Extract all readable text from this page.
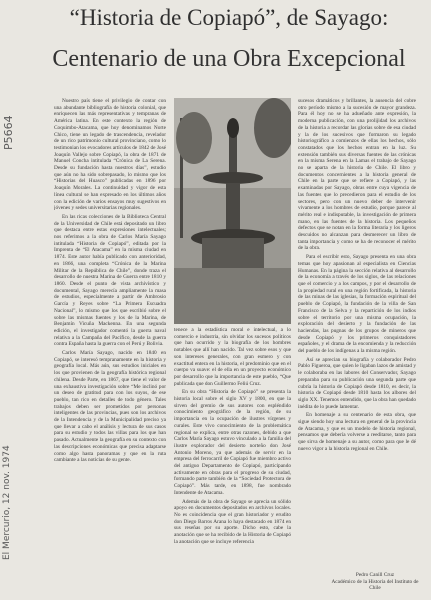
“Historia de Copiapó”, de Sayago:
Centenario de una Obra Excepcional

Nuestro país tiene el privilegio de contar con una abundante bibliografía de historia colonial, que enriquecen las más representativas y tempranas de América latina. En este contexto la región de Coquimbo-Atacama, que hoy denominamos Norte Chico, tiene un legado de trascendencia, revelador de un rico patrimonio cultural provinciano, como lo testimonian los evocadores artículos de 1842 de José Joaquín Vallejo sobre Copiapó, la obra de 1871 de Manuel Concha intitulada “Crónica de La Serena. Desde su fundación hasta nuestros días”, estudio que aún no ha sido sobrepasado, lo mismo que los “Historias del Huasco” publicadas en 1896 por Joaquín Morales. La continuidad y vigor de esta línea cultural se han expresado en los últimos años con la edición de varios ensayos muy sugestivos en jóvenes y sedes universitarias regionales.

En las ricas colecciones de la Biblioteca Central de la Universidad de Chile está depositado un libro que destaca entre estas expresiones intelectuales; nos referimos a la obra de Carlos María Sayago intitulada “Historia de Copiapó”, editada por la Imprenta de “El Atacama” en la misma ciudad en 1874. Este autor había publicado con anterioridad, en 1866, una completa “Crónica de la Marina Militar de la República de Chile”, donde traza el desarrollo de nuestra Marina de Guerra entre 1810 y 1860. Desde el punto de vista archivístico y documental, Sayago merecía ampliamente la masa de estudios, especialmente a partir de Ambrosio García y Reyes sobre “La Primera Escuadra Nacional”, lo mismo que los que escribió sobre el sobre las mismas fuentes y los de la Marina, de Benjamín Vicuña Mackenna. En una segunda edición, el investigador comentó la guerra naval relativa a la Campaña del Pacífico, desde la guerra contra España hasta la guerra con el Perú y Bolivia.

Carlos María Sayago, nacido en 1840 en Copiapó, se interesó tempranamente en la historia y geografía local. Más aún, sus estudios iniciales en los que provienen de la geografía histórica regional chilena. Desde Parte, en 1867, que tiene el valor de una exhaustiva investigación sobre “Me inclinó por un deseo de gratitud para con los suyos, de ese pueblo, tan rico en detalles de todo género. Tales trabajos deben ser prometidos por personas inteligentes de las provincias, pues son los archivos de la Intendencia y de la Municipalidad preciso ya que llevar a cabo el análisis y lectura de sus casos para su estudio y todos las villas para los que han pasado. Actualmente la geografía en su contexto con las descripciones económicas que precisa adaptarse como algo hasta panoramas y que en la ruta cambiante a las noticias de su gente.

tenece a la estadística moral e intelectual, a lo comercio e industria, sin olvidar los sucesos políticos que han ocurrido y la biografía de los hombres notables que allí han nacido. Tal vez sobre esos y que son intereses generales, con gran esmero y con exactitud entera en la historia, el predominio que en el cuerpo va suave: el de ella en un proyecto económico por desarrollo que la importancia de este pueblo, “Que publicada que don Guillermo Feliú Cruz.

En su obra “Historia de Copiapó” se presenta la historia local sobre el siglo XV y 1800, en que la sirven del gremio de sus autores con espléndido conocimiento geográfico de la región, de su importancia en la ocupación de ilustres vírgenes y curales. Este vivo conocimiento de la problemática regional se explica, entre otras razones, debido a que Carlos María Sayago estuvo vinculado a la familia del ilustre explorador del desierto norteño don José Antonio Moreno, ya que además de servir en la empresa del ferrocarril de Copiapó fue miembro activo del antiguo Departamento de Copiapó, participando activamente en obras para el progreso de su ciudad, formando parte también de la “Sociedad Protectora de Copiapó”. Más tarde, en 1898, fue nombrado Intendente de Atacama.

Además de la obra de Sayago se aprecia un sólido apoyo en documentos depositados en archivos locales. No es coincidencia que el gran historiador y erudito don Diego Barros Arana lo haya destacado en 1874 en sus reseñas por su aporte. Dicho esto, cabe la anotación que se ha recibido de la Historia de Copiapó la anotación que se incluye referencia

sucesos dramáticos y brillantes, la ausencia del cobre otro período mismo a la sucesión de mayor grandeza. Para él hoy no se ha adueñado ante expresión, la moderna publicación, con una prolijidad los archivos de la historia a recordar las glorias sobre de esa ciudad y la de los sucesivos que formaron su legado historiográfico a comienzos de ellas los hechos, sólo constatados que los hechos entran en la luz. Su extensión también sus diversas fuentes de las crónicas en la misma Serena en la Lamas el trabajo de Sayago no se aparta de la historia de Chile. El libro y documentos concernientes a la historia general de Chile en la parte que se refiere a Copiapó, y las examinadas por Sayago, obras entre cuya vigencia de las fuentes que lo precedieron para el estudio de los sectores, pero con un nuevo deber de intervenir vivamente a los hombres de estudio, porque parece al mérito real e indisputable, la investigación de primera mano, en las fuentes de la historia. Los pequeños defectos que se notan en la forma literaria y los ligeros descuidos no alcanzan para desmerecer un libro de tanta importancia y como se ha de reconocer el mérito de la obra.

Para el escribir esto, Sayago presenta en una obra temas que hoy apasionan al especialista en Ciencias Humanas. En la página la sección relativa al desarrollo de la economía a través de los siglos, de las relaciones que el comercio y a los campos, y por el desarrollo de la propiedad rural en una región fortificada, la historia de las minas de las iglesias, la formación espiritual del pueblo de Copiapó, la fundación de la villa de San Francisco de la Selva y la repartición de los indios sobre el territorio por una misma ocupación, la exploración del desierto y la fundación de las haciendas, las pugnas de los grupos de mineros que desde Copiapó y los primeros conquistadores españoles, y el drama de la encomienda y la reducción del pueblo de los indígenas a la misma región.

Así se aprecian su biografía y colaborador Pedro Pablo Figueroa, que quien le ligaban lazos de amistad y le colaboraba en las labores del Conservador, Sayago preparaba para su publicación una segunda parte que cubría la historia de Copiapó desde 1810, es decir, la historia de Copiapó desde 1810 hasta los albores del siglo XX. Tenemos entendido, que la obra han quedado inédita de lo puede lamentar.

En homenaje a su centenario de esta obra, que sigue siendo hoy una lectura en general de la provincia de Atacama, y que es un modelo de historia regional, pensamos que debería volverse a reeditarse, tanto para que sirva de homenaje a su autor, como para que le dé nuevo vigor a la historia regional en Chile.

Pedro Canill Cruz
Académico de la Historia del Instituto de Chile
P5664
El Mercurio, 12 nov. 1974
